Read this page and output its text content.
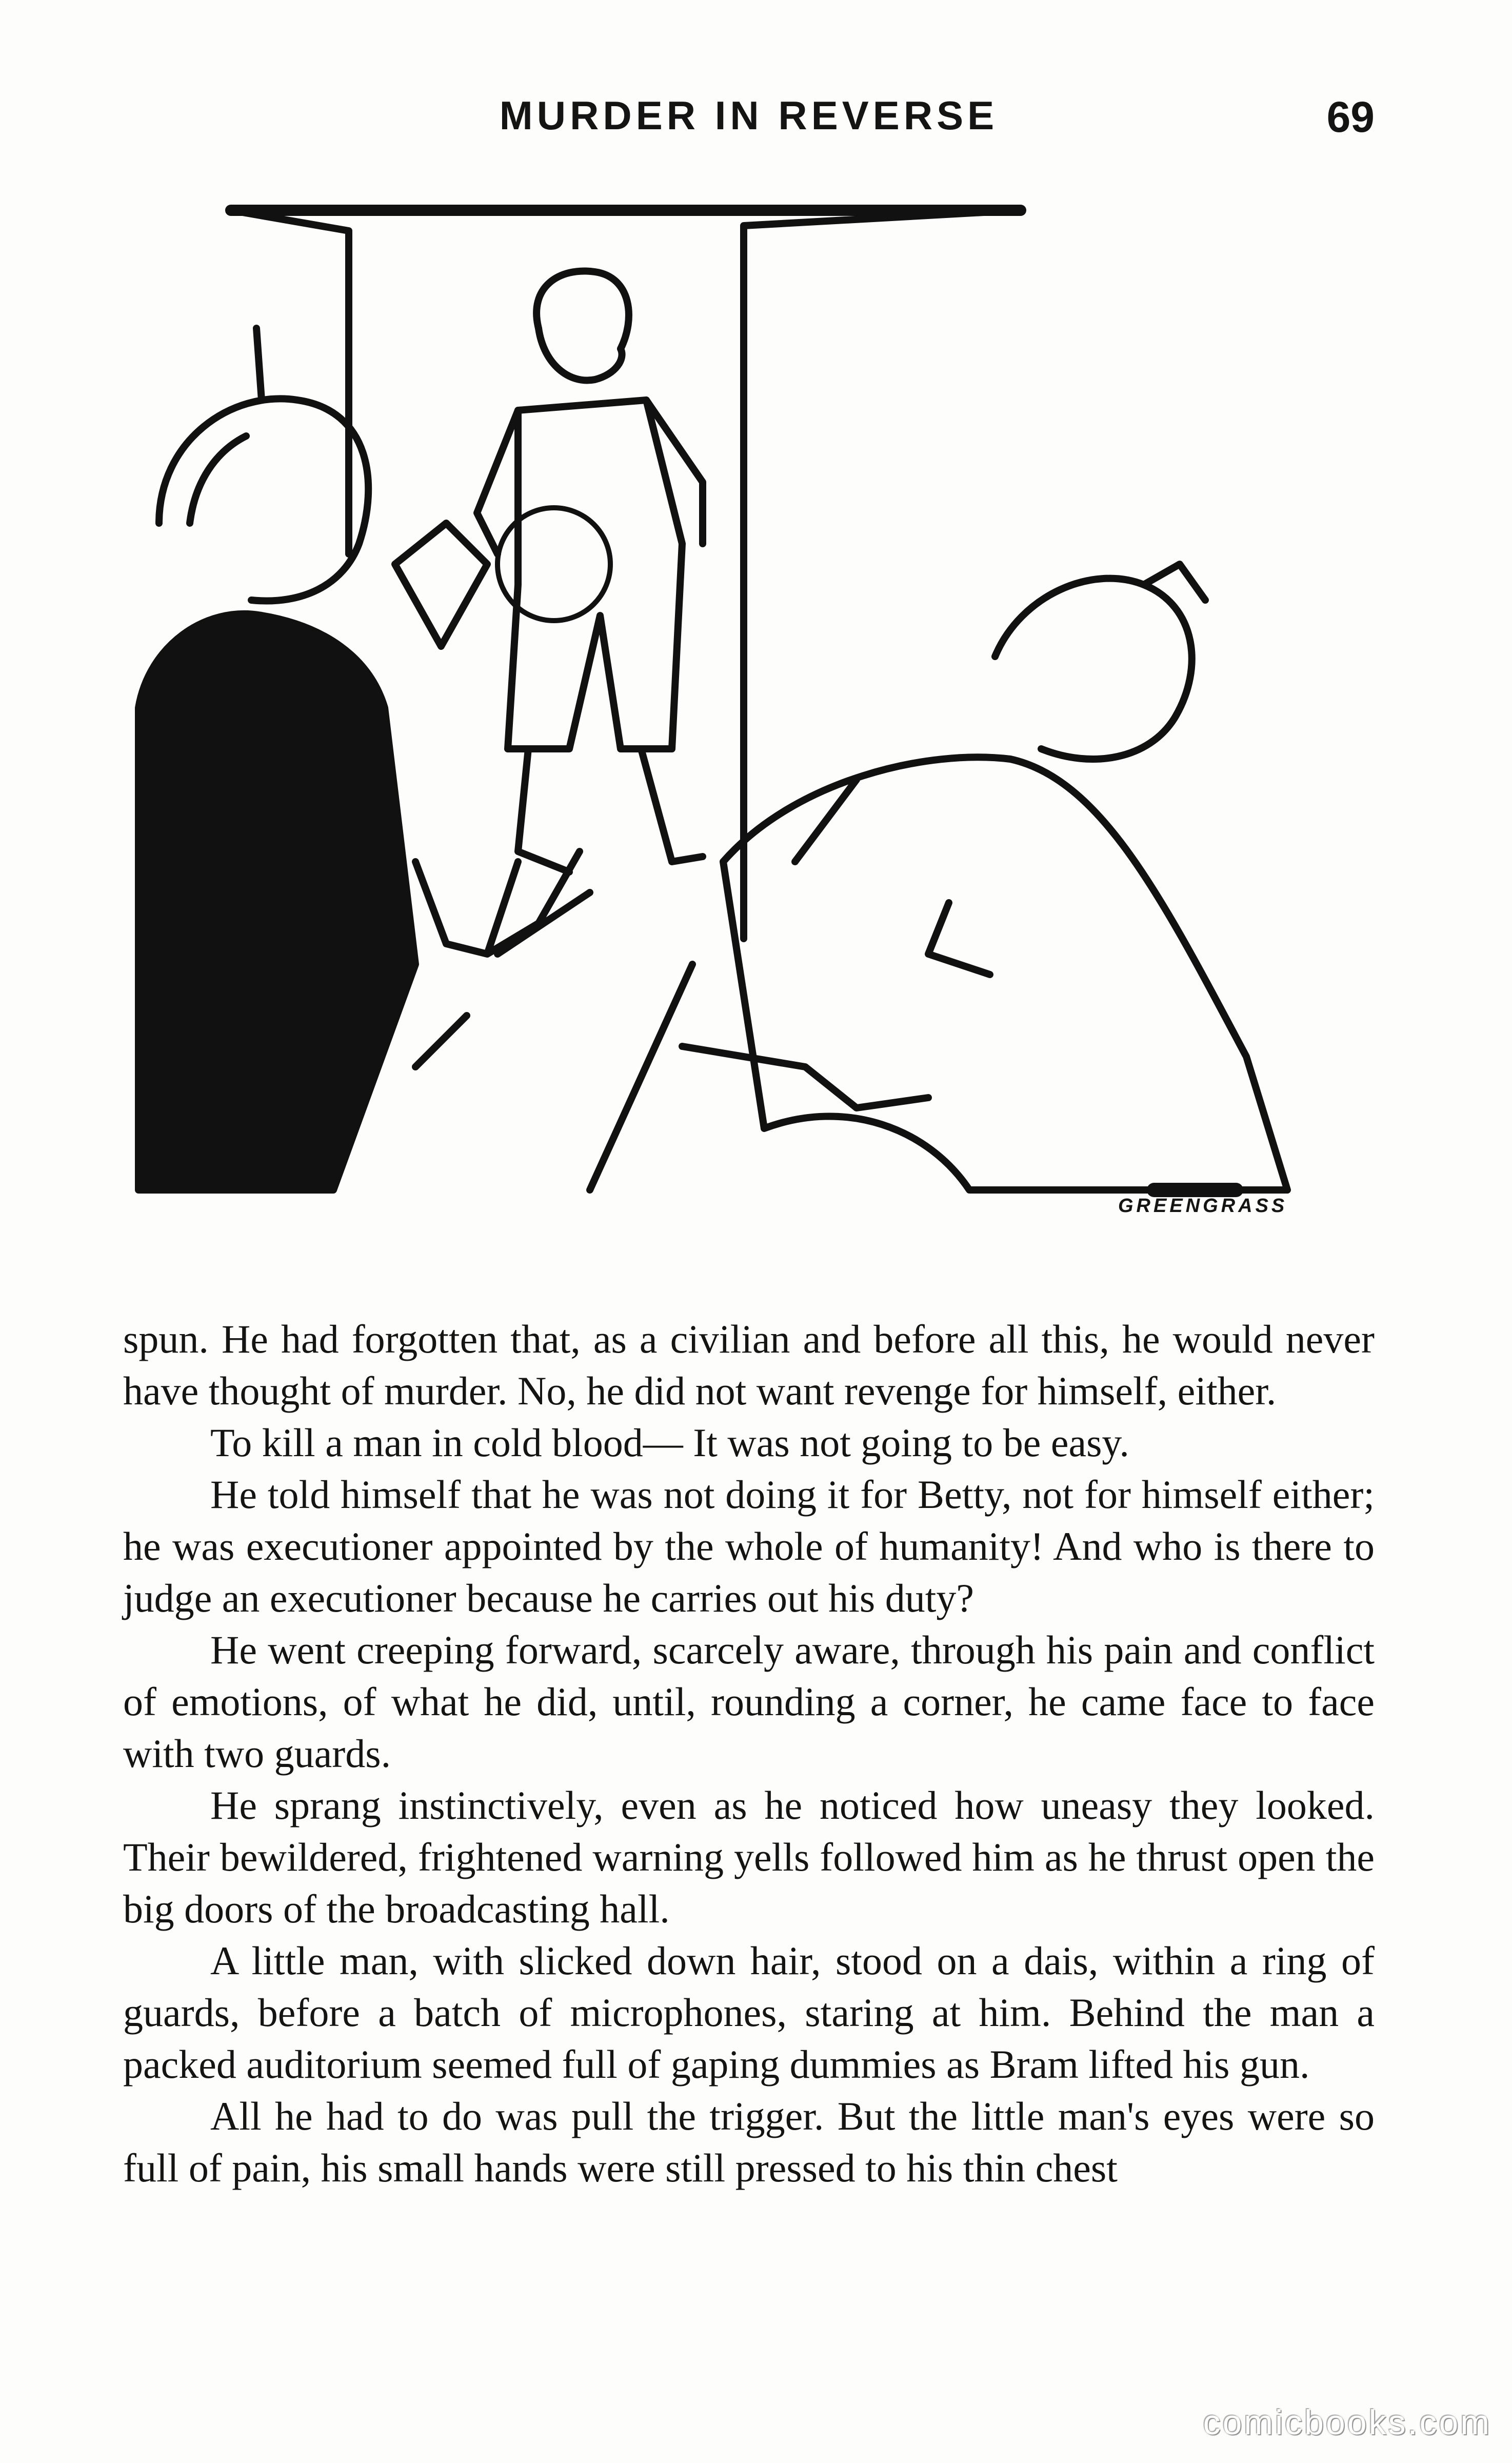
MURDER IN REVERSE	69
GREENGRASS

spun. He had forgotten that, as a civilian and before all this, he would never have thought of murder. No, he did not want revenge for himself, either.

To kill a man in cold blood— It was not going to be easy.

He told himself that he was not doing it for Betty, not for himself either; he was executioner appointed by the whole of humanity! And who is there to judge an executioner because he carries out his duty?

He went creeping forward, scarcely aware, through his pain and conflict of emotions, of what he did, until, rounding a corner, he came face to face with two guards.

He sprang instinctively, even as he noticed how uneasy they looked. Their bewildered, frightened warning yells followed him as he thrust open the big doors of the broadcasting hall.

A little man, with slicked down hair, stood on a dais, within a ring of guards, before a batch of microphones, staring at him. Behind the man a packed auditorium seemed full of gaping dummies as Bram lifted his gun.

All he had to do was pull the trigger. But the little man's eyes were so full of pain, his small hands were still pressed to his thin chest

comicbooks.com
